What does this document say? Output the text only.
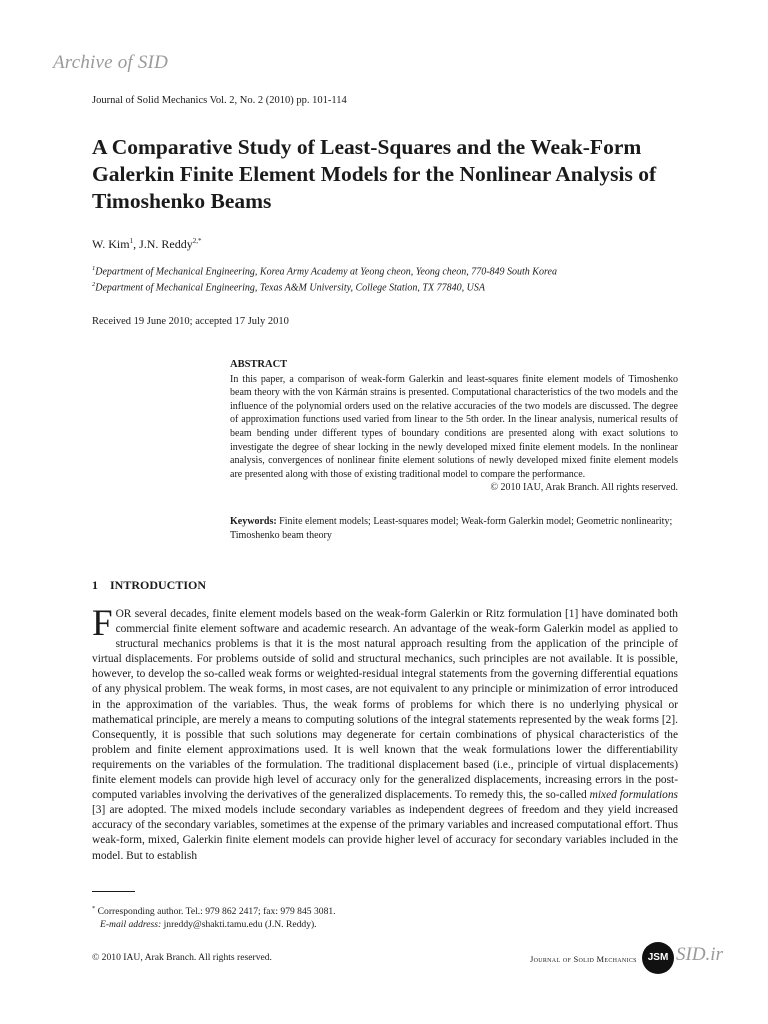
Archive of SID
Journal of Solid Mechanics Vol. 2, No. 2 (2010) pp. 101-114
A Comparative Study of Least-Squares and the Weak-Form Galerkin Finite Element Models for the Nonlinear Analysis of Timoshenko Beams
W. Kim$^1$, J.N. Reddy$^{2,*}$
$^1$Department of Mechanical Engineering, Korea Army Academy at Yeong cheon, Yeong cheon, 770-849 South Korea
$^2$Department of Mechanical Engineering, Texas A&M University, College Station, TX 77840, USA
Received 19 June 2010; accepted 17 July 2010
ABSTRACT
In this paper, a comparison of weak-form Galerkin and least-squares finite element models of Timoshenko beam theory with the von Kármán strains is presented. Computational characteristics of the two models and the influence of the polynomial orders used on the relative accuracies of the two models are discussed. The degree of approximation functions used varied from linear to the 5th order. In the linear analysis, numerical results of beam bending under different types of boundary conditions are presented along with exact solutions to investigate the degree of shear locking in the newly developed mixed finite element models. In the nonlinear analysis, convergences of nonlinear finite element solutions of newly developed mixed finite element models are presented along with those of existing traditional model to compare the performance.
© 2010 IAU, Arak Branch. All rights reserved.
Keywords: Finite element models; Least-squares model; Weak-form Galerkin model; Geometric nonlinearity; Timoshenko beam theory
1 INTRODUCTION

FOR several decades, finite element models based on the weak-form Galerkin or Ritz formulation [1] have dominated both commercial finite element software and academic research. An advantage of the weak-form Galerkin model as applied to structural mechanics problems is that it is the most natural approach resulting from the application of the principle of virtual displacements. For problems outside of solid and structural mechanics, such principles are not available. It is possible, however, to develop the so-called weak forms or weighted-residual integral statements from the governing differential equations of any physical problem. The weak forms, in most cases, are not equivalent to any principle or minimization of error introduced in the approximation of the variables. Thus, the weak forms of problems for which there is no underlying physical or mathematical principle, are merely a means to computing solutions of the integral statements represented by the weak forms [2]. Consequently, it is possible that such solutions may degenerate for certain combinations of physical characteristics of the problem and finite element approximations used. It is well known that the weak formulations lower the differentiability requirements on the variables of the formulation. The traditional displacement based (i.e., principle of virtual displacements) finite element models can provide high level of accuracy only for the generalized displacements, increasing errors in the post-computed variables involving the derivatives of the generalized displacements. To remedy this, the so-called mixed formulations [3] are adopted. The mixed models include secondary variables as independent degrees of freedom and they yield increased accuracy of the secondary variables, sometimes at the expense of the primary variables and increased computational effort. Thus weak-form, mixed, Galerkin finite element models can provide higher level of accuracy for secondary variables included in the model. But to establish

* Corresponding author. Tel.: 979 862 2417; fax: 979 845 3081.
E-mail address: jnreddy@shakti.tamu.edu (J.N. Reddy).
© 2010 IAU, Arak Branch. All rights reserved.	Journal of Solid Mechanics	JSM SID.ir
